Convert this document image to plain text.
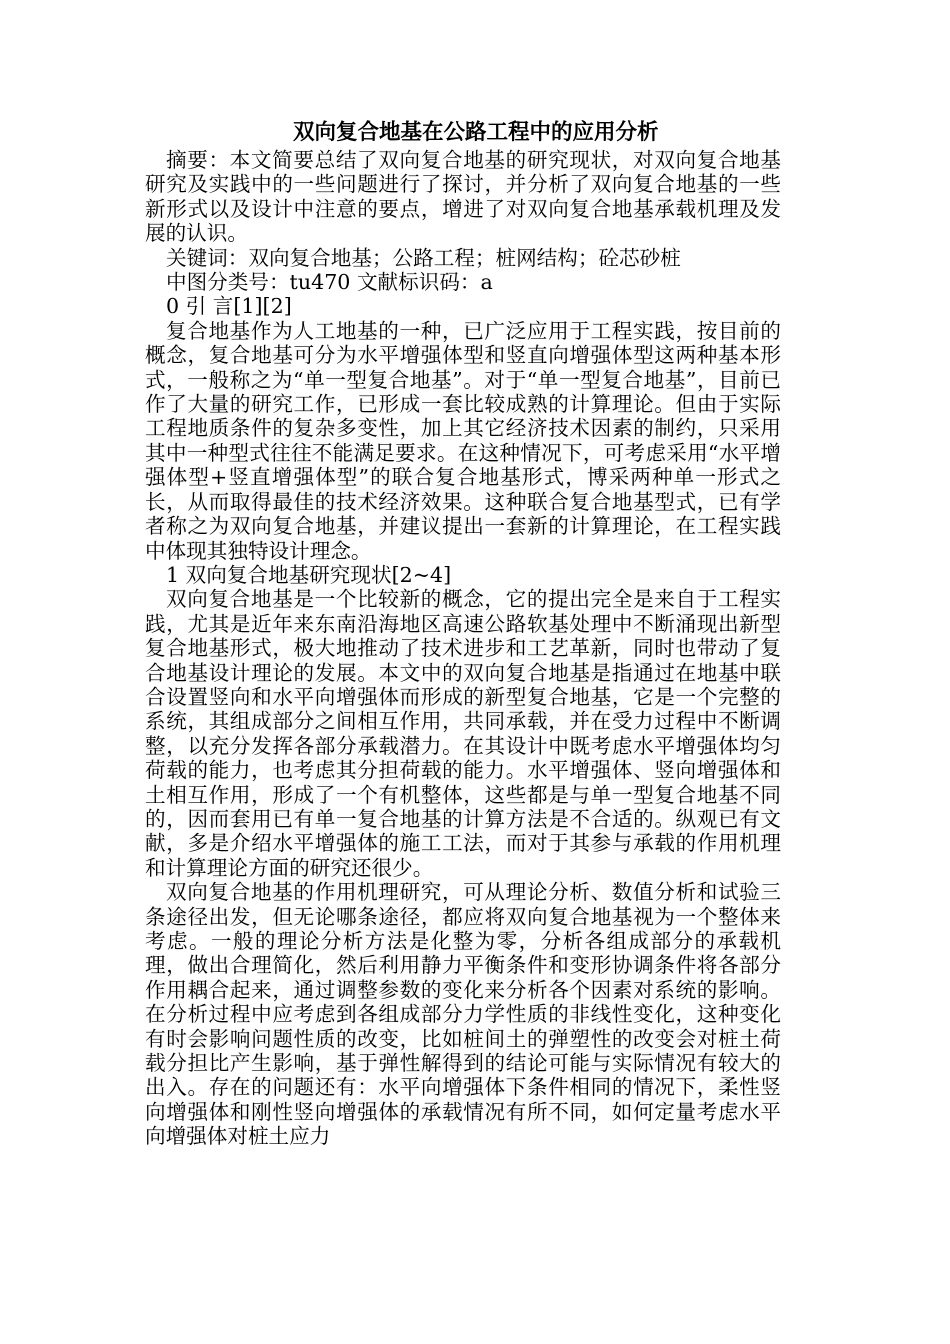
双向复合地基在公路工程中的应用分析

摘要：本文简要总结了双向复合地基的研究现状，对双向复合地基研究及实践中的一些问题进行了探讨，并分析了双向复合地基的一些新形式以及设计中注意的要点，增进了对双向复合地基承载机理及发展的认识。

关键词：双向复合地基；公路工程；桩网结构；砼芯砂桩

中图分类号：tu470 文献标识码：a

0 引 言[1][2]

复合地基作为人工地基的一种，已广泛应用于工程实践，按目前的概念，复合地基可分为水平增强体型和竖直向增强体型这两种基本形式，一般称之为“单一型复合地基”。对于“单一型复合地基”，目前已作了大量的研究工作，已形成一套比较成熟的计算理论。但由于实际工程地质条件的复杂多变性，加上其它经济技术因素的制约，只采用其中一种型式往往不能满足要求。在这种情况下，可考虑采用“水平增强体型+竖直增强体型”的联合复合地基形式，博采两种单一形式之长，从而取得最佳的技术经济效果。这种联合复合地基型式，已有学者称之为双向复合地基，并建议提出一套新的计算理论，在工程实践中体现其独特设计理念。

1 双向复合地基研究现状[2~4]

双向复合地基是一个比较新的概念，它的提出完全是来自于工程实践，尤其是近年来东南沿海地区高速公路软基处理中不断涌现出新型复合地基形式，极大地推动了技术进步和工艺革新，同时也带动了复合地基设计理论的发展。本文中的双向复合地基是指通过在地基中联合设置竖向和水平向增强体而形成的新型复合地基，它是一个完整的系统，其组成部分之间相互作用，共同承载，并在受力过程中不断调整，以充分发挥各部分承载潜力。在其设计中既考虑水平增强体均匀荷载的能力，也考虑其分担荷载的能力。水平增强体、竖向增强体和土相互作用，形成了一个有机整体，这些都是与单一型复合地基不同的，因而套用已有单一复合地基的计算方法是不合适的。纵观已有文献，多是介绍水平增强体的施工工法，而对于其参与承载的作用机理和计算理论方面的研究还很少。

双向复合地基的作用机理研究，可从理论分析、数值分析和试验三条途径出发，但无论哪条途径，都应将双向复合地基视为一个整体来考虑。一般的理论分析方法是化整为零，分析各组成部分的承载机理，做出合理简化，然后利用静力平衡条件和变形协调条件将各部分作用耦合起来，通过调整参数的变化来分析各个因素对系统的影响。在分析过程中应考虑到各组成部分力学性质的非线性变化，这种变化有时会影响问题性质的改变，比如桩间土的弹塑性的改变会对桩土荷载分担比产生影响，基于弹性解得到的结论可能与实际情况有较大的出入。存在的问题还有：水平向增强体下条件相同的情况下，柔性竖向增强体和刚性竖向增强体的承载情况有所不同，如何定量考虑水平向增强体对桩土应力
